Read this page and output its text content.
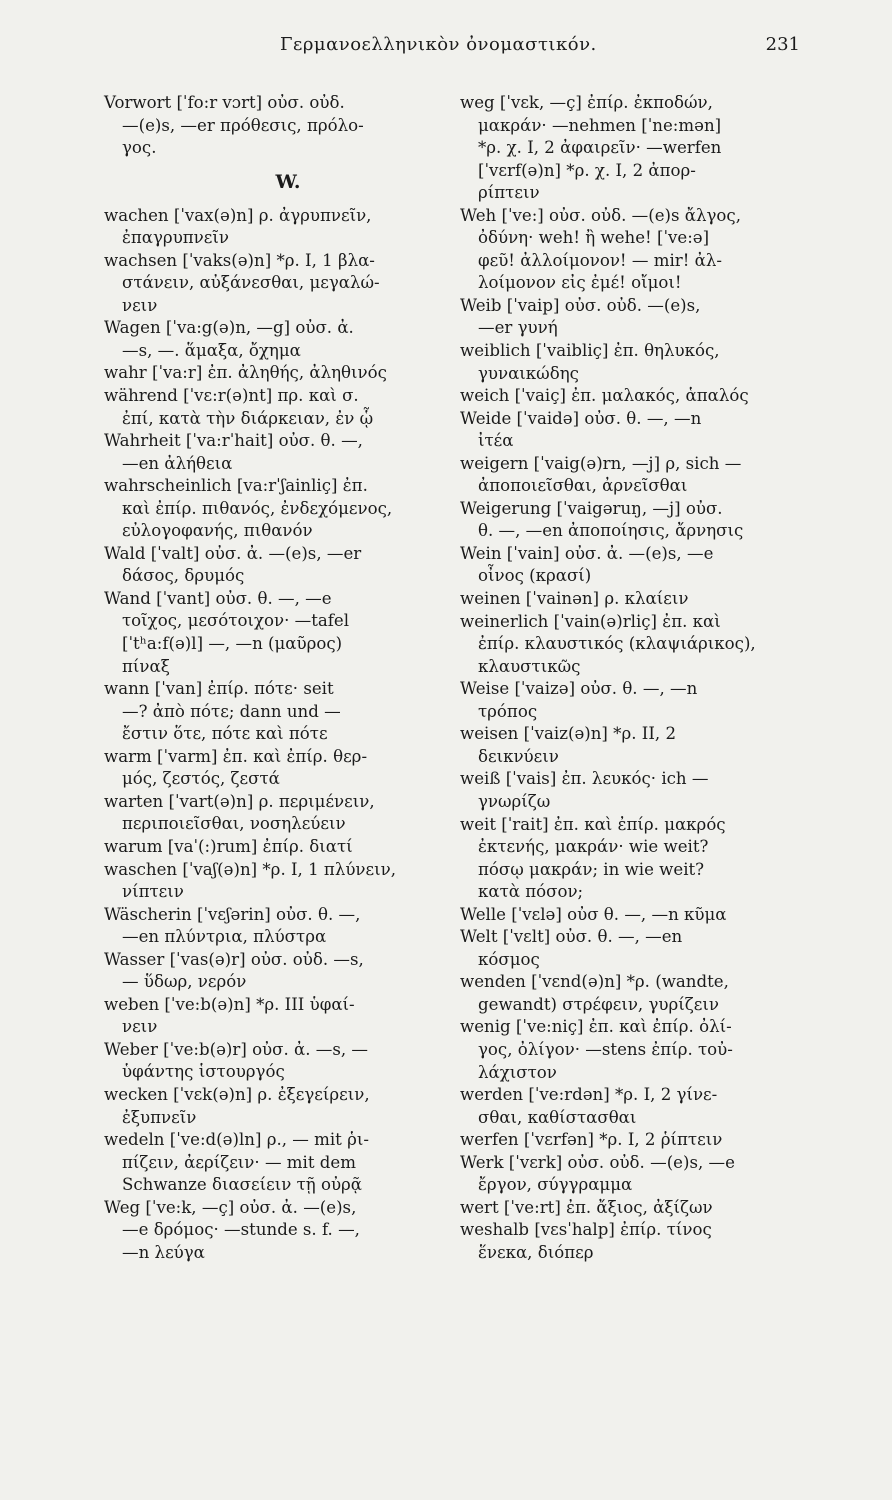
Γερμανοελληνικὸν ὀνομαστικόν.	231
Vorwort [ˈfo:r vɔrt] οὐσ. οὐδ.
—(e)s, —er πρόθεσις, πρόλο-
γος.
W.
wachen [ˈvax(ə)n] ρ. ἀγρυπνεῖν,
ἐπαγρυπνεῖν
wachsen [ˈvaks(ə)n] *ρ. I, 1 βλα-
στάνειν, αὐξάνεσθαι, μεγαλώ-
νειν
Wagen [ˈva:g(ə)n, —g] οὐσ. ἀ.
—s, —. ἅμαξα, ὄχημα
wahr [ˈva:r] ἐπ. ἀληθής, ἀληθινός
während [ˈvɛ:r(ə)nt] πρ. καὶ σ.
ἐπί, κατὰ τὴν διάρκειαν, ἐν ᾧ
Wahrheit [ˈva:rˈhait] οὐσ. θ. —,
—en ἀλήθεια
wahrscheinlich [va:rˈʃainliç] ἐπ.
καὶ ἐπίρ. πιθανός, ἐνδεχόμενος,
εὐλογοφανής, πιθανόν
Wald [ˈvalt] οὐσ. ἀ. —(e)s, —er
δάσος, δρυμός
Wand [ˈvant] οὐσ. θ. —, —e
τοῖχος, μεσότοιχον· —tafel
[ˈtʰa:f(ə)l] —, —n (μαῦρος)
πίναξ
wann [ˈvan] ἐπίρ. πότε· seit
—? ἀπὸ πότε; dann und —
ἔστιν ὅτε, πότε καὶ πότε
warm [ˈvarm] ἐπ. καὶ ἐπίρ. θερ-
μός, ζεστός, ζεστά
warten [ˈvart(ə)n] ρ. περιμένειν,
περιποιεῖσθαι, νοσηλεύειν
warum [vaˈ(:)rum] ἐπίρ. διατί
waschen [ˈvaʃ(ə)n] *ρ. I, 1 πλύνειν,
νίπτειν
Wäscherin [ˈvɛʃərin] οὐσ. θ. —,
—en πλύντρια, πλύστρα
Wasser [ˈvas(ə)r] οὐσ. οὐδ. —s,
— ὕδωρ, νερόν
weben [ˈve:b(ə)n] *ρ. III ὑφαί-
νειν
Weber [ˈve:b(ə)r] οὐσ. ἀ. —s, —
ὑφάντης ἱστουργός
wecken [ˈvɛk(ə)n] ρ. ἐξεγείρειν,
ἐξυπνεῖν
wedeln [ˈve:d(ə)ln] ρ., — mit ῥι-
πίζειν, ἀερίζειν· — mit dem
Schwanze διασείειν τῇ οὐρᾷ
Weg [ˈve:k, —ç] οὐσ. ἀ. —(e)s,
—e δρόμος· —stunde s. f. —,
—n λεύγα
weg [ˈvɛk, —ç] ἐπίρ. ἐκποδών,
μακράν· —nehmen [ˈne:mən]
*ρ. χ. I, 2 ἀφαιρεῖν· —werfen
[ˈvɛrf(ə)n] *ρ. χ. I, 2 ἀπορ-
ρίπτειν
Weh [ˈve:] οὐσ. οὐδ. —(e)s ἄλγος,
ὀδύνη· weh! ἢ wehe! [ˈve:ə]
φεῦ! ἀλλοίμονον! — mir! ἀλ-
λοίμονον εἰς ἐμέ! οἴμοι!
Weib [ˈvaip] οὐσ. οὐδ. —(e)s,
—er γυνή
weiblich [ˈvaibliç] ἐπ. θηλυκός,
γυναικώδης
weich [ˈvaiç] ἐπ. μαλακός, ἁπαλός
Weide [ˈvaidə] οὐσ. θ. —, —n
ἰτέα
weigern [ˈvaig(ə)rn, —j] ρ, sich —
ἀποποιεῖσθαι, ἀρνεῖσθαι
Weigerung [ˈvaigəruŋ, —j] οὐσ.
θ. —, —en ἀποποίησις, ἄρνησις
Wein [ˈvain] οὐσ. ἀ. —(e)s, —e
οἶνος (κρασί)
weinen [ˈvainən] ρ. κλαίειν
weinerlich [ˈvain(ə)rliç] ἐπ. καὶ
ἐπίρ. κλαυστικός (κλαψιάρικος),
κλαυστικῶς
Weise [ˈvaizə] οὐσ. θ. —, —n
τρόπος
weisen [ˈvaiz(ə)n] *ρ. II, 2
δεικνύειν
weiß [ˈvais] ἐπ. λευκός· ich —
γνωρίζω
weit [ˈrait] ἐπ. καὶ ἐπίρ. μακρός
ἐκτενής, μακράν· wie weit?
πόσῳ μακράν; in wie weit?
κατὰ πόσον;
Welle [ˈvɛlə] οὐσ θ. —, —n κῦμα
Welt [ˈvɛlt] οὐσ. θ. —, —en
κόσμος
wenden [ˈvɛnd(ə)n] *ρ. (wandte,
gewandt) στρέφειν, γυρίζειν
wenig [ˈve:niç] ἐπ. καὶ ἐπίρ. ὀλί-
γος, ὀλίγον· —stens ἐπίρ. τοὐ-
λάχιστον
werden [ˈve:rdən] *ρ. I, 2 γίνε-
σθαι, καθίστασθαι
werfen [ˈvɛrfən] *ρ. I, 2 ῥίπτειν
Werk [ˈvɛrk] οὐσ. οὐδ. —(e)s, —e
ἔργον, σύγγραμμα
wert [ˈve:rt] ἐπ. ἄξιος, ἀξίζων
weshalb [vɛsˈhalp] ἐπίρ. τίνος
ἕνεκα, διόπερ
